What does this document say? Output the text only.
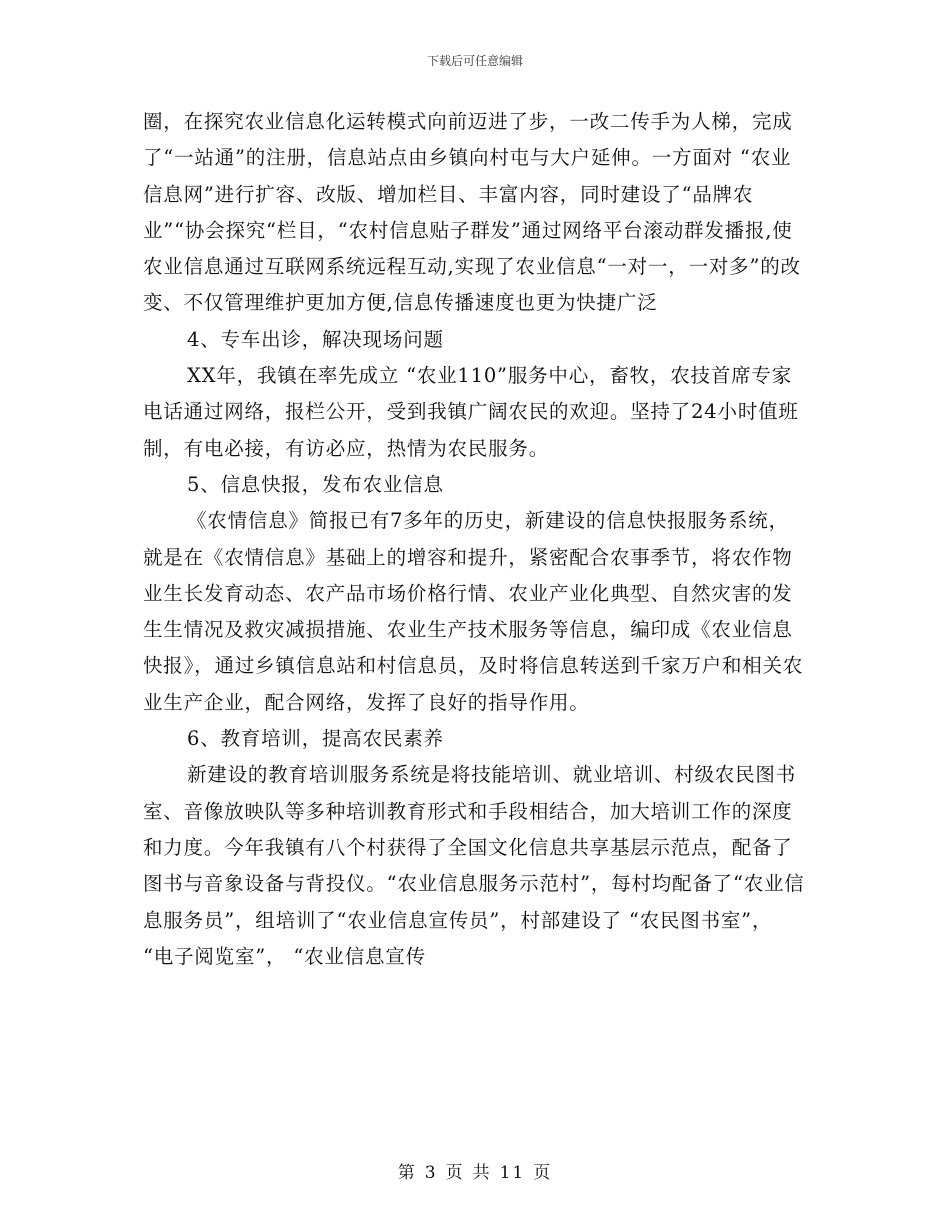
下载后可任意编辑

圈，在探究农业信息化运转模式向前迈进了步，一改二传手为人梯，完成了“一站通”的注册，信息站点由乡镇向村屯与大户延伸。一方面对 “农业信息网”进行扩容、改版、增加栏目、丰富内容，同时建设了“品牌农业”“协会探究“栏目，“农村信息贴子群发”通过网络平台滚动群发播报,使农业信息通过互联网系统远程互动,实现了农业信息“一对一，一对多”的改变、不仅管理维护更加方便,信息传播速度也更为快捷广泛

4、专车出诊，解决现场问题

XX年，我镇在率先成立 “农业110”服务中心，畜牧，农技首席专家电话通过网络，报栏公开，受到我镇广阔农民的欢迎。坚持了24小时值班制，有电必接，有访必应，热情为农民服务。

5、信息快报，发布农业信息

《农情信息》简报已有7多年的历史，新建设的信息快报服务系统，就是在《农情信息》基础上的增容和提升，紧密配合农事季节，将农作物业生长发育动态、农产品市场价格行情、农业产业化典型、自然灾害的发生生情况及救灾减损措施、农业生产技术服务等信息，编印成《农业信息快报》，通过乡镇信息站和村信息员，及时将信息转送到千家万户和相关农业生产企业，配合网络，发挥了良好的指导作用。

6、教育培训，提高农民素养

新建设的教育培训服务系统是将技能培训、就业培训、村级农民图书室、音像放映队等多种培训教育形式和手段相结合，加大培训工作的深度和力度。今年我镇有八个村获得了全国文化信息共享基层示范点，配备了图书与音象设备与背投仪。“农业信息服务示范村”，每村均配备了“农业信息服务员”，组培训了“农业信息宣传员”，村部建设了 “农民图书室”， “电子阅览室”， “农业信息宣传

第 3 页 共 11 页
